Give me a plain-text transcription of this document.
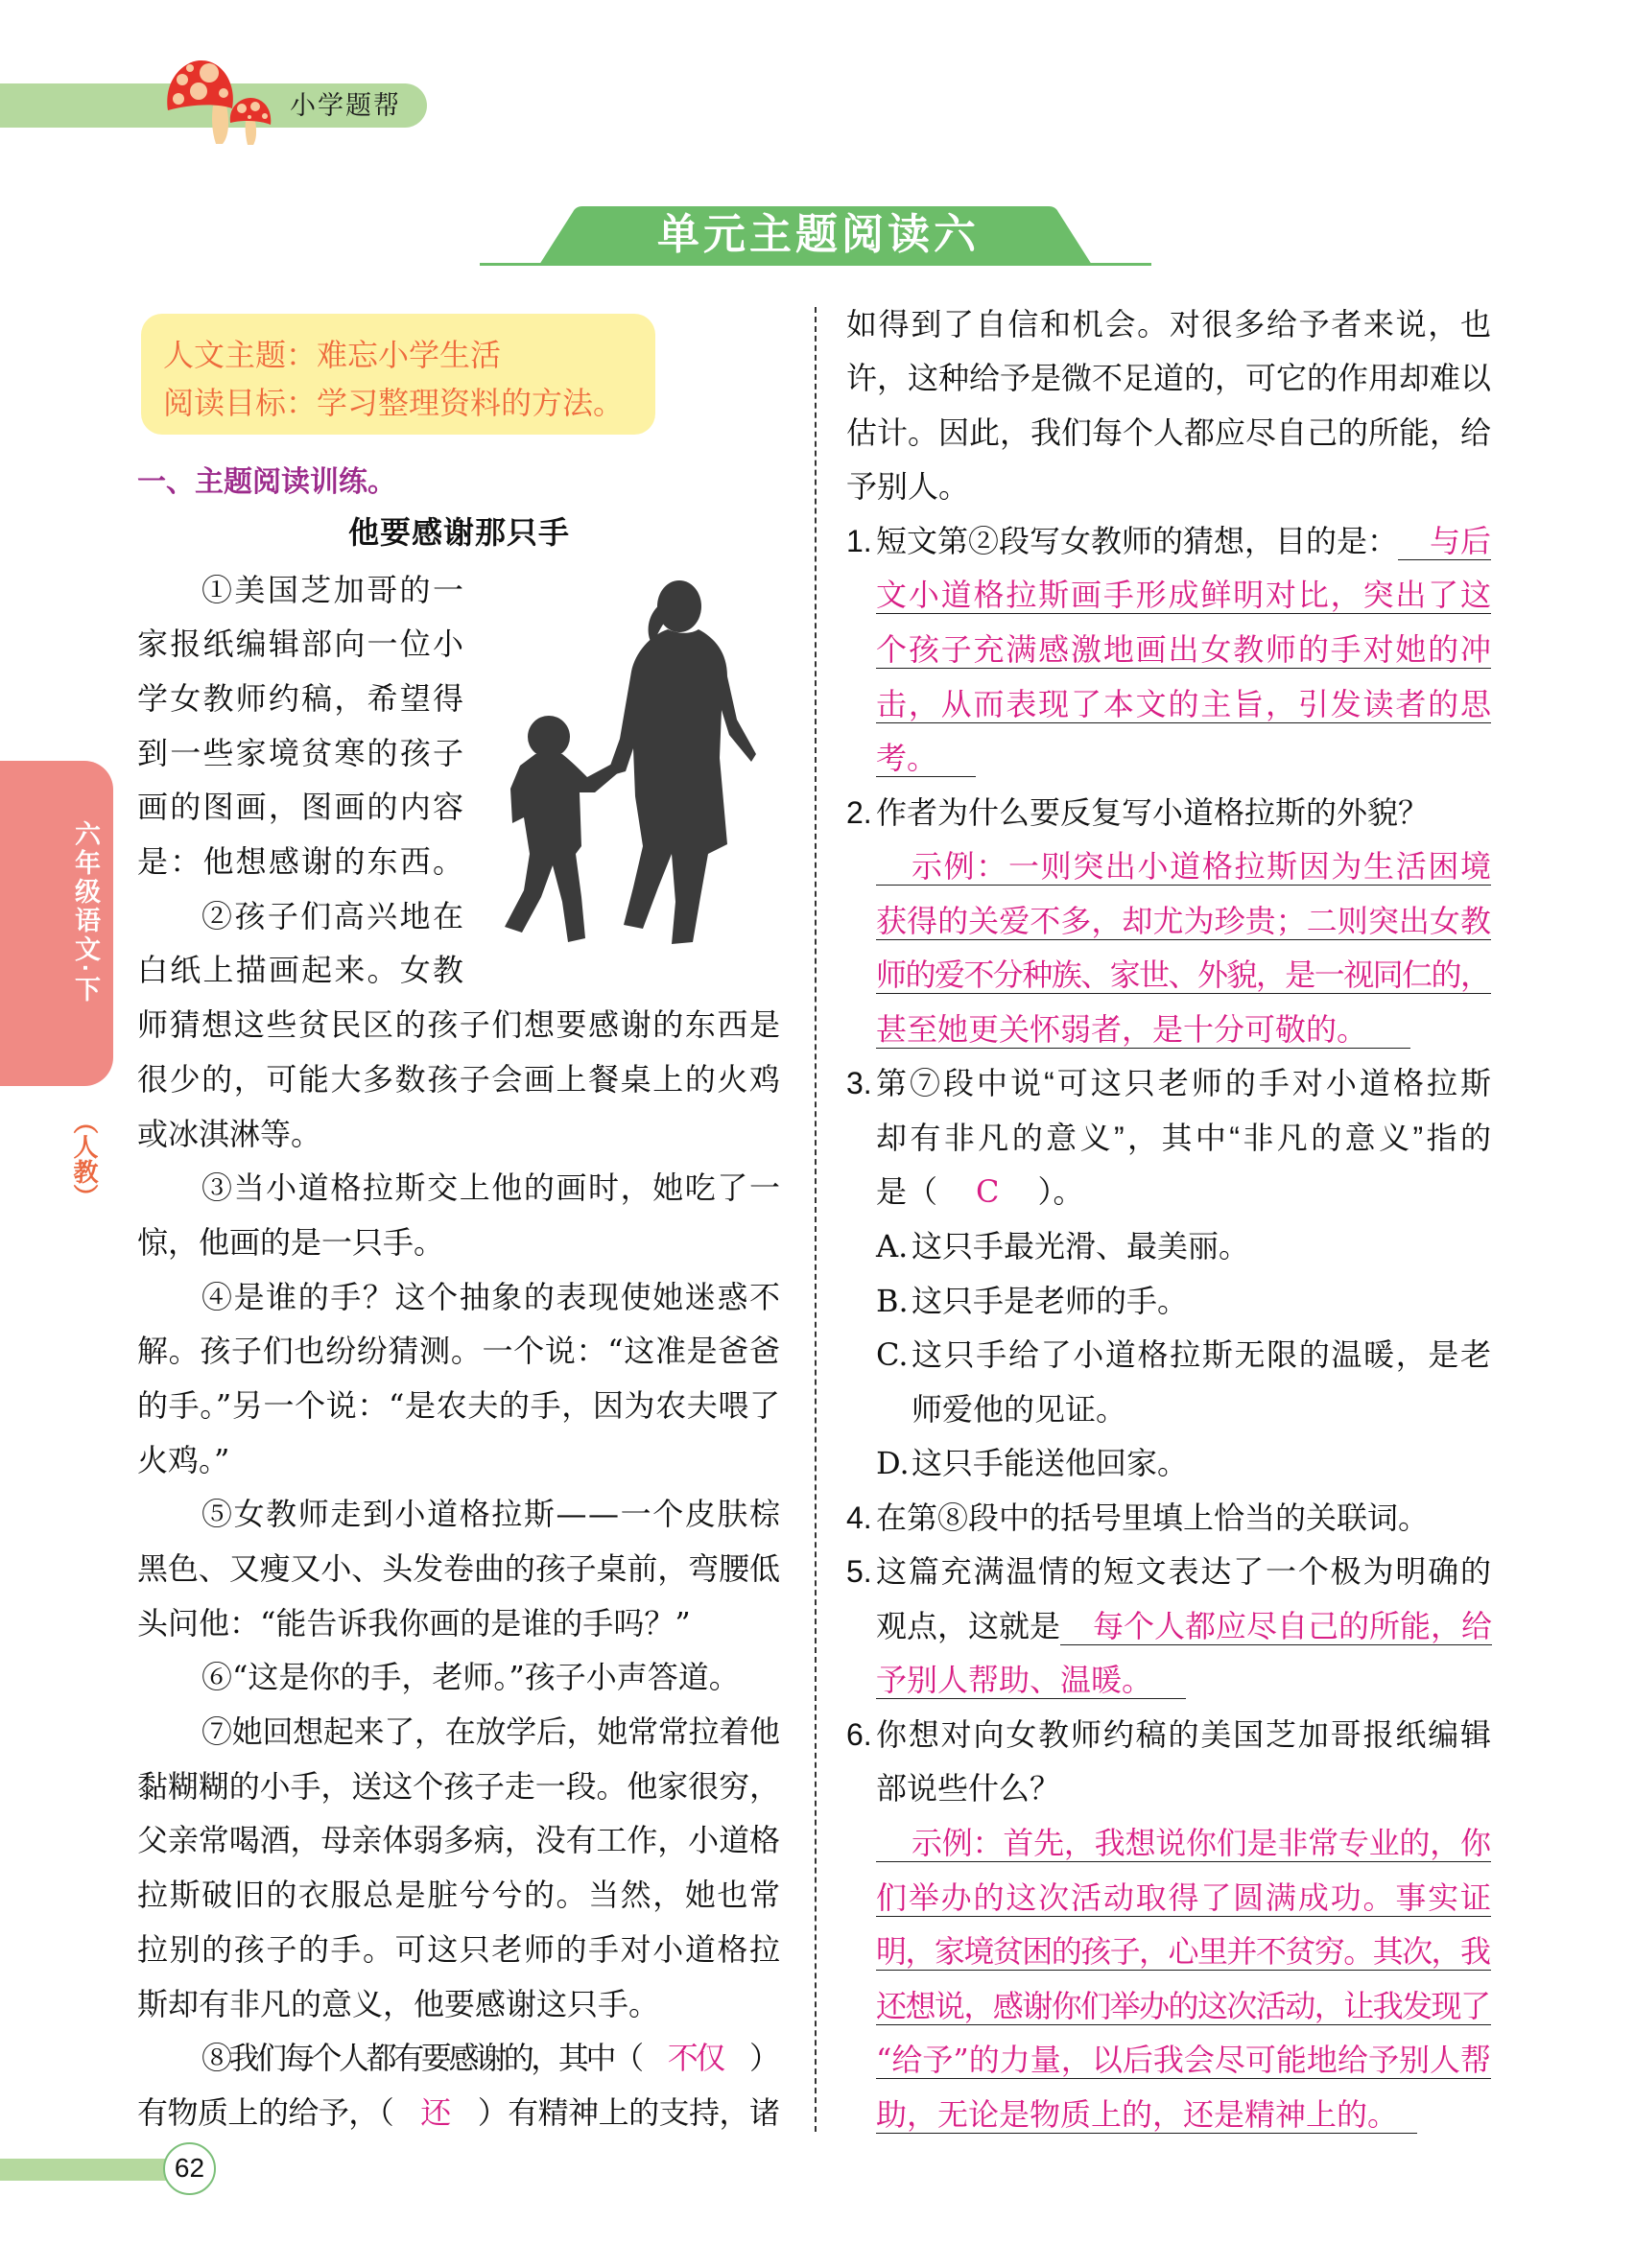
小学题帮
单元主题阅读六
六年级语文·下
（人教）
人文主题：难忘小学生活
阅读目标：学习整理资料的方法。
一、主题阅读训练。
他要感谢那只手
①美国芝加哥的一
家报纸编辑部向一位小
学女教师约稿，希望得
到一些家境贫寒的孩子
画的图画，图画的内容
是：他想感谢的东西。
②孩子们高兴地在
白纸上描画起来。女教
师猜想这些贫民区的孩子们想要感谢的东西是
很少的，可能大多数孩子会画上餐桌上的火鸡
或冰淇淋等。
③当小道格拉斯交上他的画时，她吃了一
惊，他画的是一只手。
④是谁的手？这个抽象的表现使她迷惑不
解。孩子们也纷纷猜测。一个说：“这准是爸爸
的手。”另一个说：“是农夫的手，因为农夫喂了
火鸡。”
⑤女教师走到小道格拉斯——一个皮肤棕
黑色、又瘦又小、头发卷曲的孩子桌前，弯腰低
头问他：“能告诉我你画的是谁的手吗？”
⑥“这是你的手，老师。”孩子小声答道。
⑦她回想起来了，在放学后，她常常拉着他
黏糊糊的小手，送这个孩子走一段。他家很穷，
父亲常喝酒，母亲体弱多病，没有工作，小道格
拉斯破旧的衣服总是脏兮兮的。当然，她也常
拉别的孩子的手。可这只老师的手对小道格拉
斯却有非凡的意义，他要感谢这只手。
⑧我们每个人都有要感谢的，其中（ 不仅 ）
有物质上的给予，（ 还 ）有精神上的支持，诸
如得到了自信和机会。对很多给予者来说，也
许，这种给予是微不足道的，可它的作用却难以
估计。因此，我们每个人都应尽自己的所能，给
予别人。
1. 短文第②段写女教师的猜想，目的是：	与后
文小道格拉斯画手形成鲜明对比，突出了这
个孩子充满感激地画出女教师的手对她的冲
击，从而表现了本文的主旨，引发读者的思
考。
2. 作者为什么要反复写小道格拉斯的外貌？
示例：一则突出小道格拉斯因为生活困境
获得的关爱不多，却尤为珍贵；二则突出女教
师的爱不分种族、家世、外貌，是一视同仁的，
甚至她更关怀弱者，是十分可敬的。
3. 第⑦段中说“可这只老师的手对小道格拉斯
却有非凡的意义”，其中“非凡的意义”指的
是（ C ）。
A. 这只手最光滑、最美丽。
B. 这只手是老师的手。
C. 这只手给了小道格拉斯无限的温暖，是老
师爱他的见证。
D. 这只手能送他回家。
4. 在第⑧段中的括号里填上恰当的关联词。
5. 这篇充满温情的短文表达了一个极为明确的
观点，这就是	每个人都应尽自己的所能，给
予别人帮助、温暖。
6. 你想对向女教师约稿的美国芝加哥报纸编辑
部说些什么？
示例：首先，我想说你们是非常专业的，你
们举办的这次活动取得了圆满成功。事实证
明，家境贫困的孩子，心里并不贫穷。其次，我
还想说，感谢你们举办的这次活动，让我发现了
“给予”的力量，以后我会尽可能地给予别人帮
助，无论是物质上的，还是精神上的。
62
